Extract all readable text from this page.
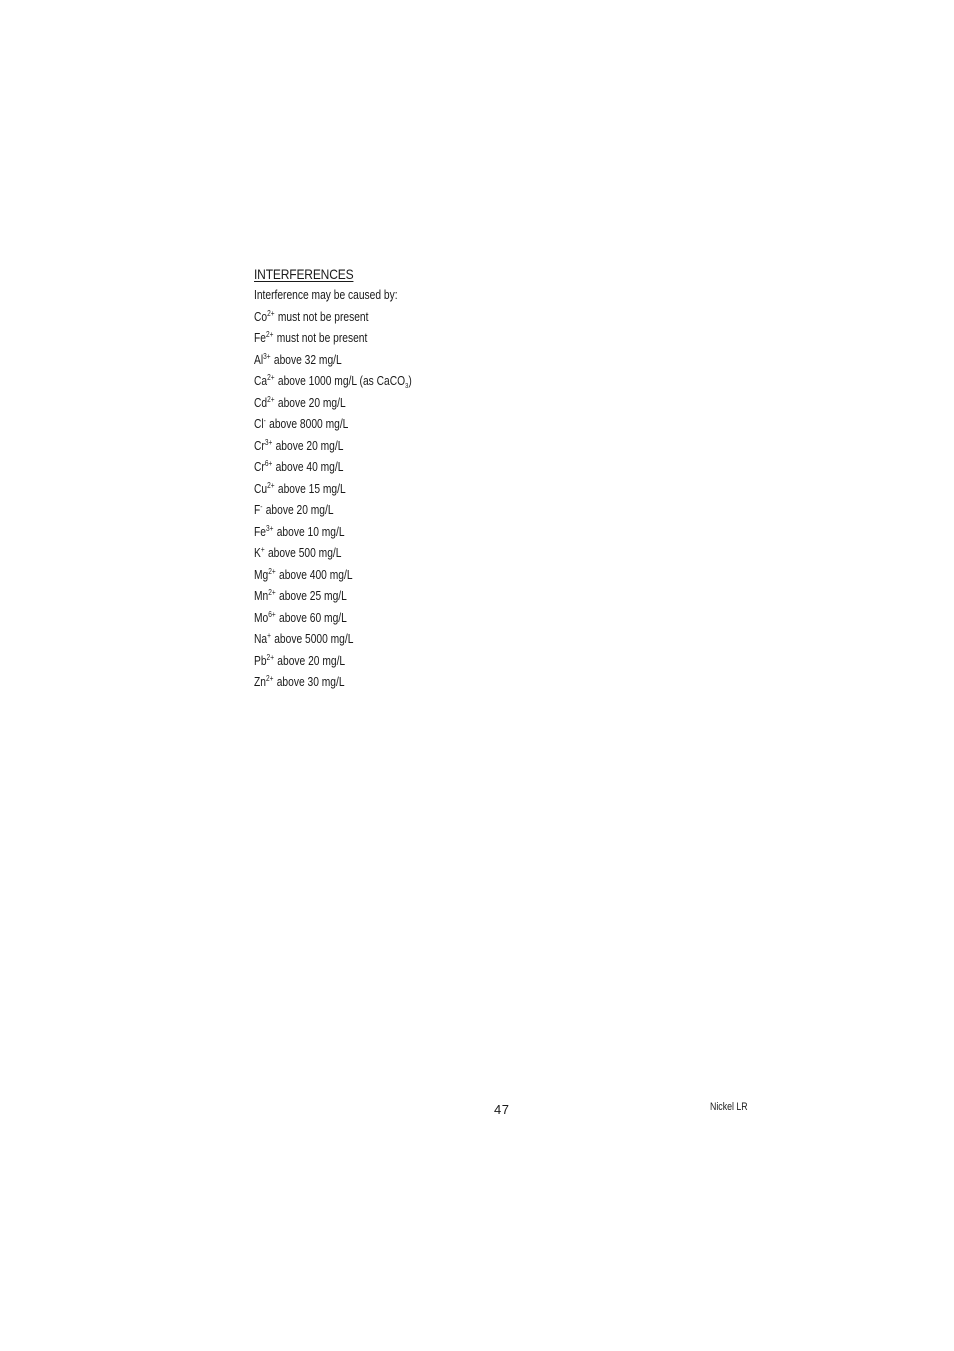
INTERFERENCES
Interference may be caused by:
$Co^{2+}$ must not be present
$Fe^{2+}$ must not be present
$Al^{3+}$ above 32 mg/L
$Ca^{2+}$ above 1000 mg/L (as CaCO$_3$)
$Cd^{2+}$ above 20 mg/L
Cl- above 8000 mg/L
$Cr^{3+}$ above 20 mg/L
$Cr^{6+}$ above 40 mg/L
$Cu^{2+}$ above 15 mg/L
F- above 20 mg/L
$Fe^{3+}$ above 10 mg/L
K+ above 500 mg/L
$Mg^{2+}$ above 400 mg/L
$Mn^{2+}$ above 25 mg/L
$Mo^{6+}$ above 60 mg/L
Na+ above 5000 mg/L
$Pb^{2+}$ above 20 mg/L
$Zn^{2+}$ above 30 mg/L
47	Nickel LR
